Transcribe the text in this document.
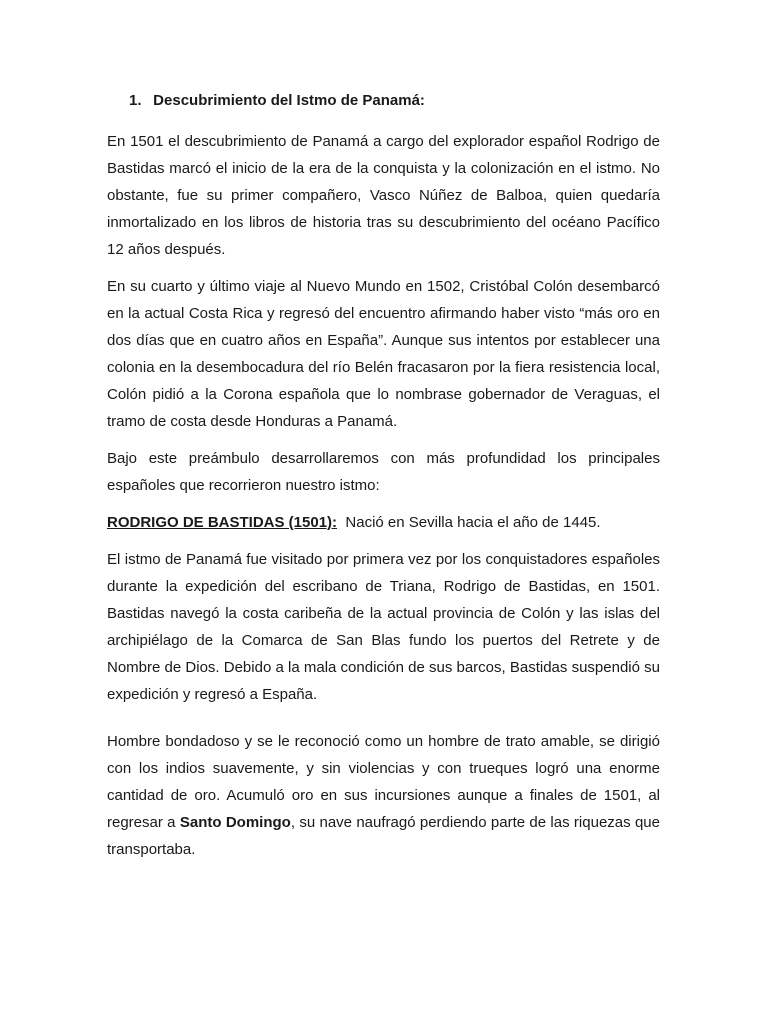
1. Descubrimiento del Istmo de Panamá:

En 1501 el descubrimiento de Panamá a cargo del explorador español Rodrigo de Bastidas marcó el inicio de la era de la conquista y la colonización en el istmo. No obstante, fue su primer compañero, Vasco Núñez de Balboa, quien quedaría inmortalizado en los libros de historia tras su descubrimiento del océano Pacífico 12 años después.

En su cuarto y último viaje al Nuevo Mundo en 1502, Cristóbal Colón desembarcó en la actual Costa Rica y regresó del encuentro afirmando haber visto “más oro en dos días que en cuatro años en España”. Aunque sus intentos por establecer una colonia en la desembocadura del río Belén fracasaron por la fiera resistencia local, Colón pidió a la Corona española que lo nombrase gobernador de Veraguas, el tramo de costa desde Honduras a Panamá.

Bajo este preámbulo desarrollaremos con más profundidad los principales españoles que recorrieron nuestro istmo:

RODRIGO DE BASTIDAS (1501): Nació en Sevilla hacia el año de 1445.

El istmo de Panamá fue visitado por primera vez por los conquistadores españoles durante la expedición del escribano de Triana, Rodrigo de Bastidas, en 1501. Bastidas navegó la costa caribeña de la actual provincia de Colón y las islas del archipiélago de la Comarca de San Blas fundo los puertos del Retrete y de Nombre de Dios. Debido a la mala condición de sus barcos, Bastidas suspendió su expedición y regresó a España.

Hombre bondadoso y se le reconoció como un hombre de trato amable, se dirigió con los indios suavemente, y sin violencias y con trueques logró una enorme cantidad de oro. Acumuló oro en sus incursiones aunque a finales de 1501, al regresar a Santo Domingo, su nave naufragó perdiendo parte de las riquezas que transportaba.
